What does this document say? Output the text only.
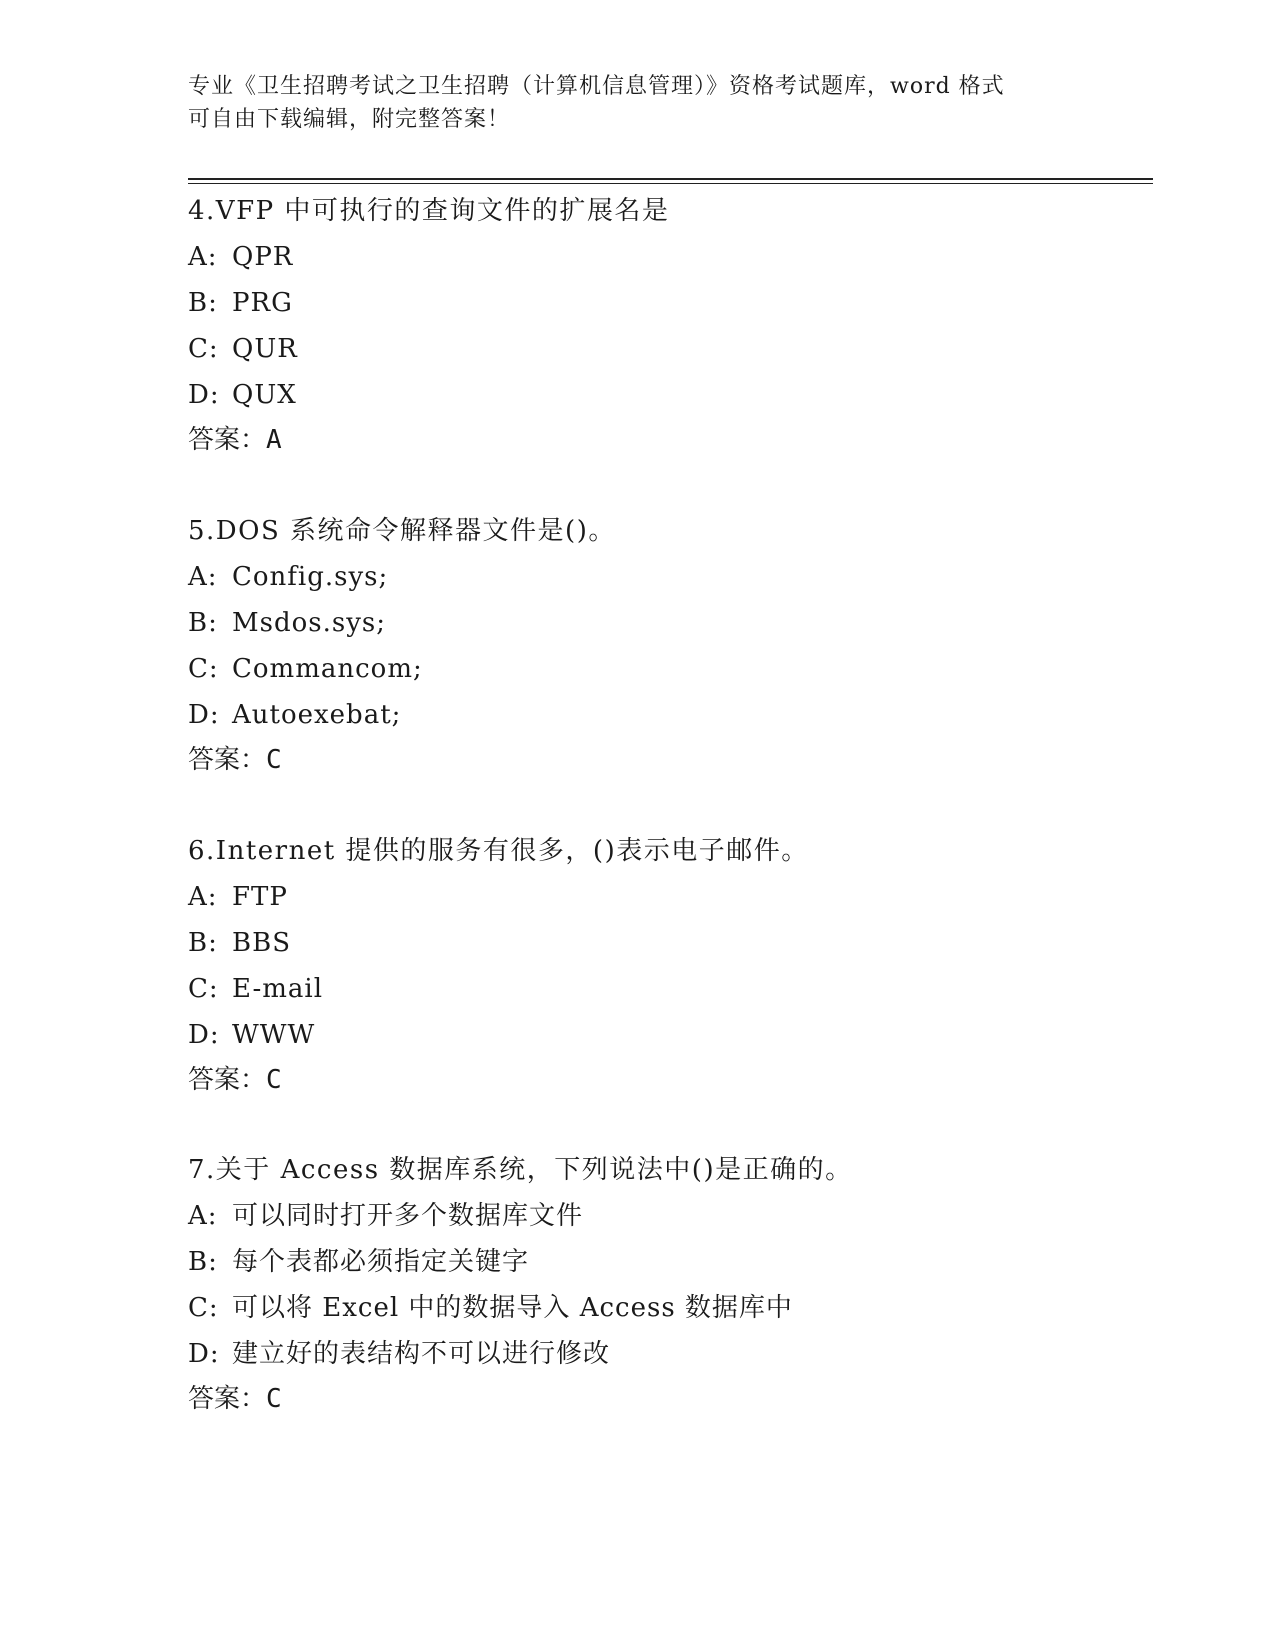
专业《卫生招聘考试之卫生招聘（计算机信息管理）》资格考试题库，word 格式
可自由下载编辑，附完整答案！
4.VFP 中可执行的查询文件的扩展名是
A: QPR
B: PRG
C: QUR
D: QUX
答案：A
5.DOS 系统命令解释器文件是()。
A: Config.sys;
B: Msdos.sys;
C: Commancom;
D: Autoexebat;
答案：C
6.Internet 提供的服务有很多，()表示电子邮件。
A: FTP
B: BBS
C: E-mail
D: WWW
答案：C
7.关于 Access 数据库系统，下列说法中()是正确的。
A: 可以同时打开多个数据库文件
B: 每个表都必须指定关键字
C: 可以将 Excel 中的数据导入 Access 数据库中
D: 建立好的表结构不可以进行修改
答案：C
